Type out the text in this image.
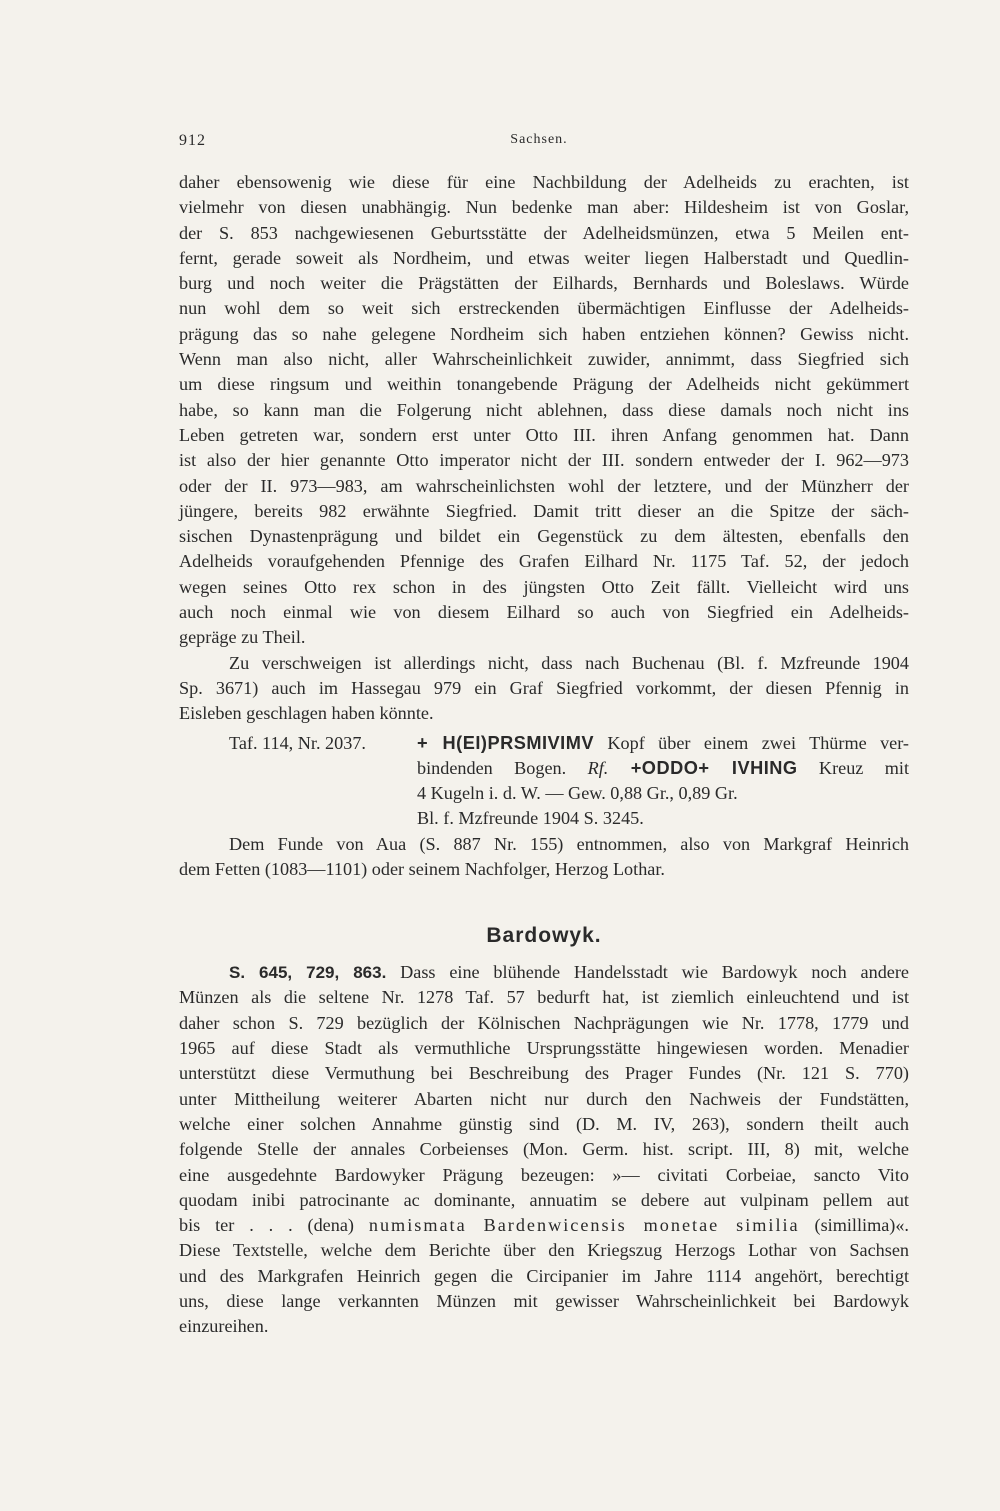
912	Sachsen.
daher ebensowenig wie diese für eine Nachbildung der Adelheids zu erachten, ist
vielmehr von diesen unabhängig. Nun bedenke man aber: Hildesheim ist von Goslar,
der S. 853 nachgewiesenen Geburtsstätte der Adelheidsmünzen, etwa 5 Meilen ent-
fernt, gerade soweit als Nordheim, und etwas weiter liegen Halberstadt und Quedlin-
burg und noch weiter die Prägstätten der Eilhards, Bernhards und Boleslaws. Würde
nun wohl dem so weit sich erstreckenden übermächtigen Einflusse der Adelheids-
prägung das so nahe gelegene Nordheim sich haben entziehen können? Gewiss nicht.
Wenn man also nicht, aller Wahrscheinlichkeit zuwider, annimmt, dass Siegfried sich
um diese ringsum und weithin tonangebende Prägung der Adelheids nicht gekümmert
habe, so kann man die Folgerung nicht ablehnen, dass diese damals noch nicht ins
Leben getreten war, sondern erst unter Otto III. ihren Anfang genommen hat. Dann
ist also der hier genannte Otto imperator nicht der III. sondern entweder der I. 962—973
oder der II. 973—983, am wahrscheinlichsten wohl der letztere, und der Münzherr der
jüngere, bereits 982 erwähnte Siegfried. Damit tritt dieser an die Spitze der säch-
sischen Dynastenprägung und bildet ein Gegenstück zu dem ältesten, ebenfalls den
Adelheids voraufgehenden Pfennige des Grafen Eilhard Nr. 1175 Taf. 52, der jedoch
wegen seines Otto rex schon in des jüngsten Otto Zeit fällt. Vielleicht wird uns
auch noch einmal wie von diesem Eilhard so auch von Siegfried ein Adelheids-
gepräge zu Theil.
Zu verschweigen ist allerdings nicht, dass nach Buchenau (Bl. f. Mzfreunde 1904
Sp. 3671) auch im Hassegau 979 ein Graf Siegfried vorkommt, der diesen Pfennig in
Eisleben geschlagen haben könnte.
Taf. 114, Nr. 2037.	+ H(EI)PRSMIVIMV Kopf über einem zwei Thürme ver-
bindenden Bogen. Rf. +ODDO+ IVHING Kreuz mit
4 Kugeln i. d. W. — Gew. 0,88 Gr., 0,89 Gr.
Bl. f. Mzfreunde 1904 S. 3245.
Dem Funde von Aua (S. 887 Nr. 155) entnommen, also von Markgraf Heinrich
dem Fetten (1083—1101) oder seinem Nachfolger, Herzog Lothar.
Bardowyk.
S. 645, 729, 863. Dass eine blühende Handelsstadt wie Bardowyk noch andere
Münzen als die seltene Nr. 1278 Taf. 57 bedurft hat, ist ziemlich einleuchtend und ist
daher schon S. 729 bezüglich der Kölnischen Nachprägungen wie Nr. 1778, 1779 und
1965 auf diese Stadt als vermuthliche Ursprungsstätte hingewiesen worden. Menadier
unterstützt diese Vermuthung bei Beschreibung des Prager Fundes (Nr. 121 S. 770)
unter Mittheilung weiterer Abarten nicht nur durch den Nachweis der Fundstätten,
welche einer solchen Annahme günstig sind (D. M. IV, 263), sondern theilt auch
folgende Stelle der annales Corbeienses (Mon. Germ. hist. script. III, 8) mit, welche
eine ausgedehnte Bardowyker Prägung bezeugen: »— civitati Corbeiae, sancto Vito
quodam inibi patrocinante ac dominante, annuatim se debere aut vulpinam pellem aut
bis ter . . . (dena) numismata Bardenwicensis monetae similia (simillima)«.
Diese Textstelle, welche dem Berichte über den Kriegszug Herzogs Lothar von Sachsen
und des Markgrafen Heinrich gegen die Circipanier im Jahre 1114 angehört, berechtigt
uns, diese lange verkannten Münzen mit gewisser Wahrscheinlichkeit bei Bardowyk
einzureihen.
